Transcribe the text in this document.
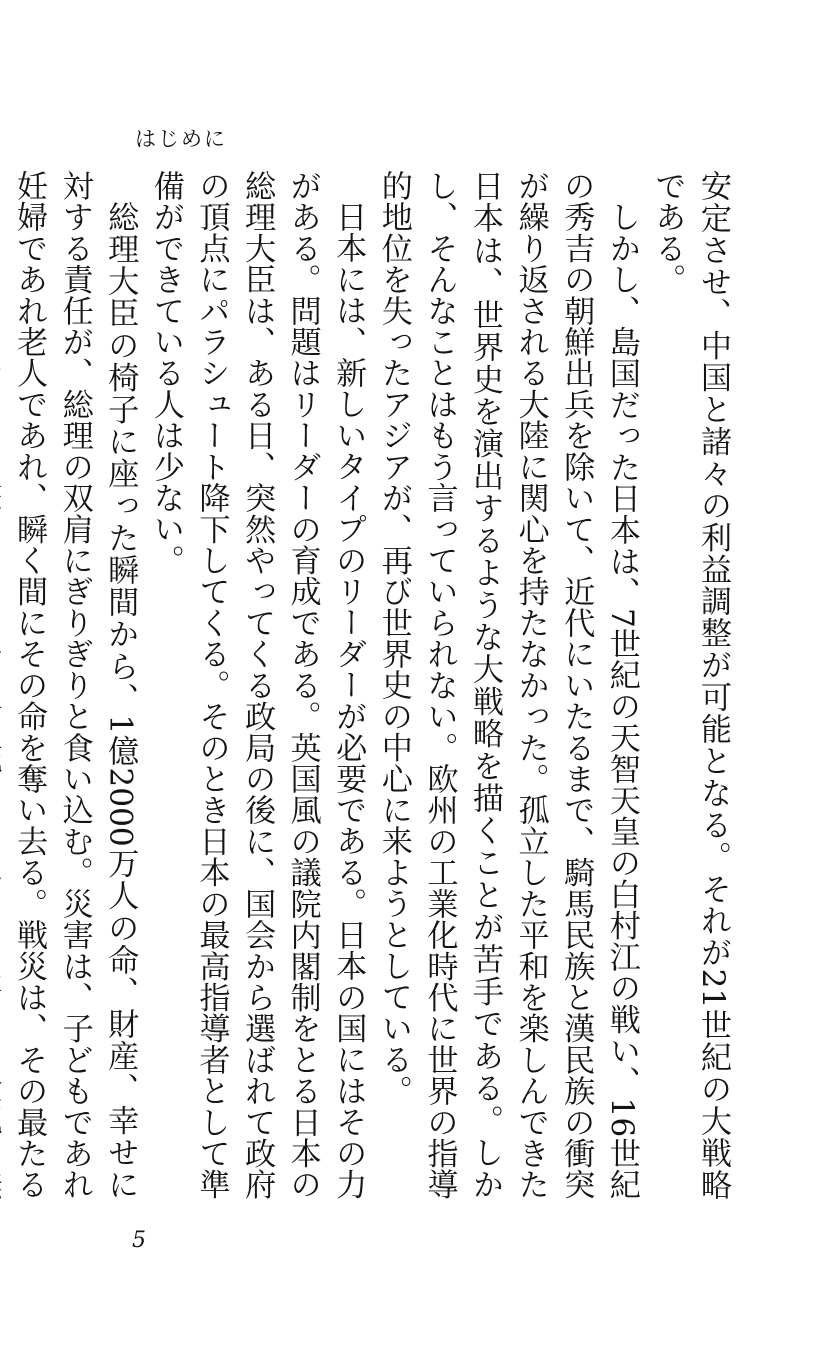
はじめに

安定させ、中国と諸々の利益調整が可能となる。それが21世紀の大戦略である。

しかし、島国だった日本は、7世紀の天智天皇の白村江の戦い、16世紀の秀吉の朝鮮出兵を除いて、近代にいたるまで、騎馬民族と漢民族の衝突が繰り返される大陸に関心を持たなかった。孤立した平和を楽しんできた日本は、世界史を演出するような大戦略を描くことが苦手である。しかし、そんなことはもう言っていられない。欧州の工業化時代に世界の指導的地位を失ったアジアが、再び世界史の中心に来ようとしている。

日本には、新しいタイプのリーダーが必要である。日本の国にはその力がある。問題はリーダーの育成である。英国風の議院内閣制をとる日本の総理大臣は、ある日、突然やってくる政局の後に、国会から選ばれて政府の頂点にパラシュート降下してくる。そのとき日本の最高指導者として準備ができている人は少ない。

総理大臣の椅子に座った瞬間から、1億2000万人の命、財産、幸せに対する責任が、総理の双肩にぎりぎりと食い込む。災害は、子どもであれ妊婦であれ老人であれ、瞬く間にその命を奪い去る。戦災は、その最たる

5
